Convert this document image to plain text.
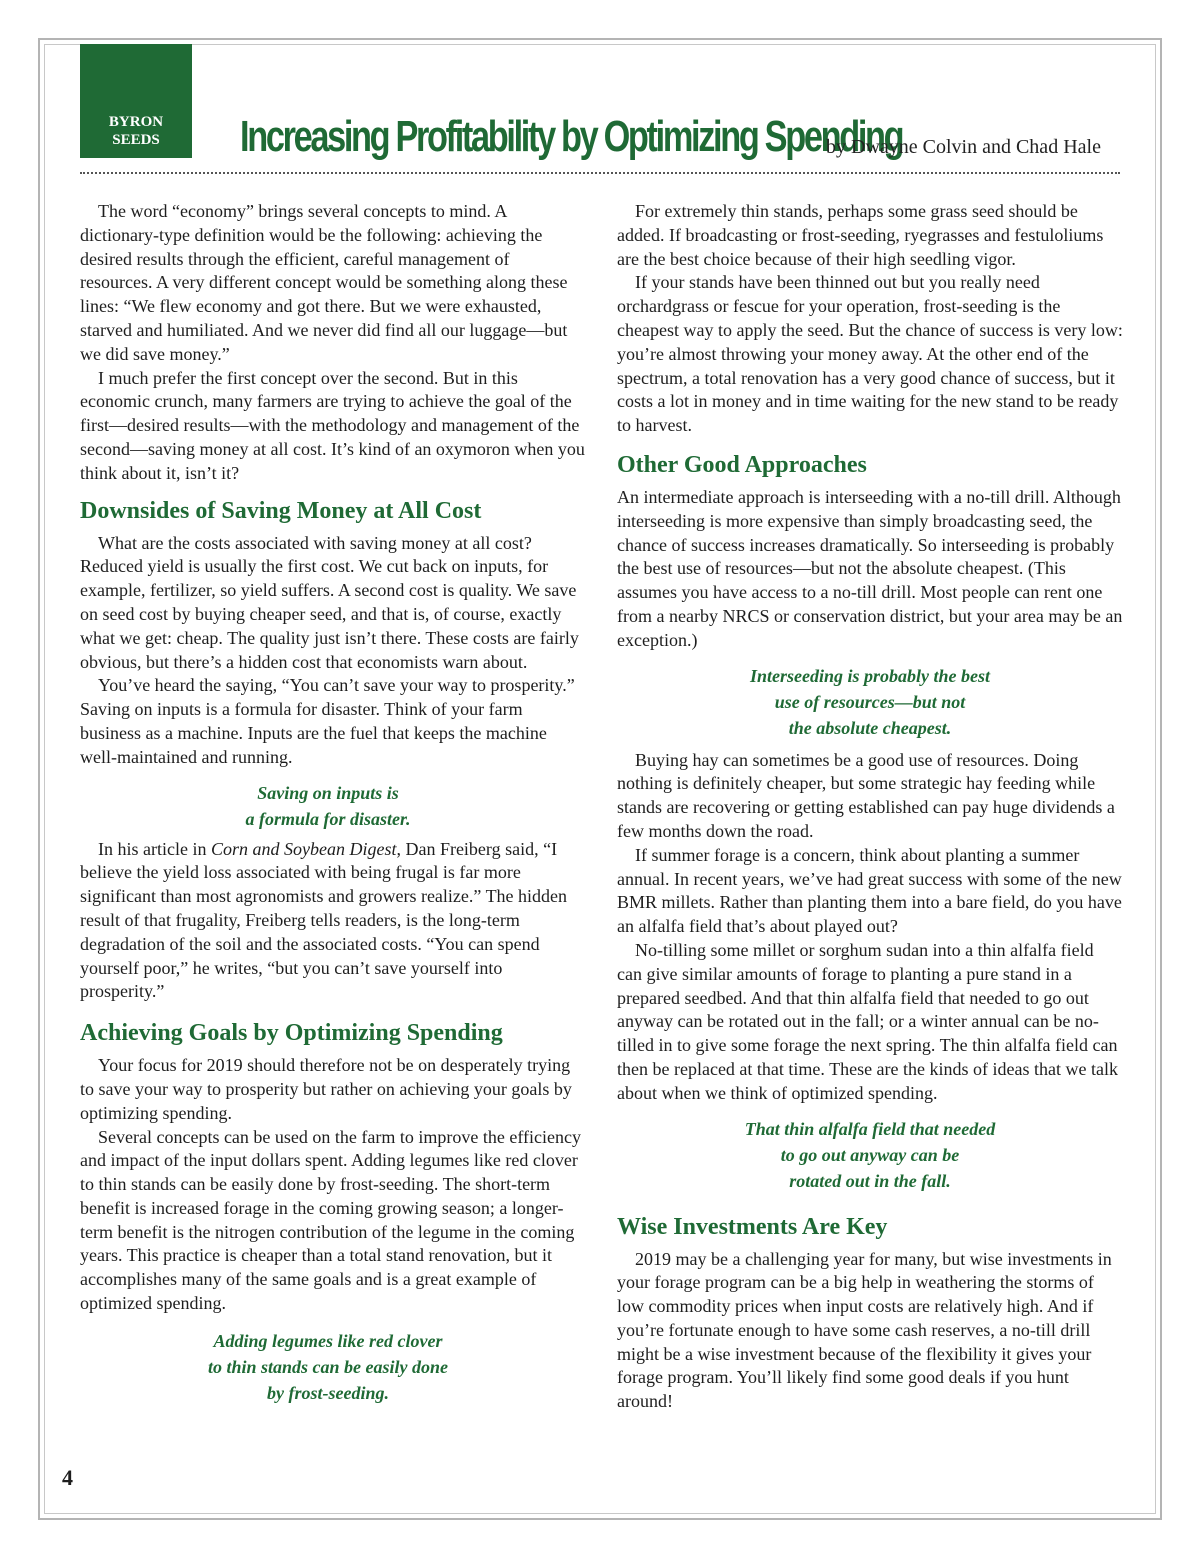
BYRON
SEEDS	Increasing Profitability by Optimizing Spending
by Dwayne Colvin and Chad Hale

The word “economy” brings several concepts to mind. A dictionary-type definition would be the following: achieving the desired results through the efficient, careful management of resources. A very different concept would be something along these lines: “We flew economy and got there. But we were exhausted, starved and humiliated. And we never did find all our luggage—but we did save money.”

I much prefer the first concept over the second. But in this economic crunch, many farmers are trying to achieve the goal of the first—desired results—with the methodology and management of the second—saving money at all cost. It’s kind of an oxymoron when you think about it, isn’t it?

Downsides of Saving Money at All Cost

What are the costs associated with saving money at all cost? Reduced yield is usually the first cost. We cut back on inputs, for example, fertilizer, so yield suffers. A second cost is quality. We save on seed cost by buying cheaper seed, and that is, of course, exactly what we get: cheap. The quality just isn’t there. These costs are fairly obvious, but there’s a hidden cost that economists warn about.

You’ve heard the saying, “You can’t save your way to prosperity.” Saving on inputs is a formula for disaster. Think of your farm business as a machine. Inputs are the fuel that keeps the machine well-maintained and running.

Saving on inputs is
a formula for disaster.

In his article in Corn and Soybean Digest, Dan Freiberg said, “I believe the yield loss associated with being frugal is far more significant than most agronomists and growers realize.” The hidden result of that frugality, Freiberg tells readers, is the long-term degradation of the soil and the associated costs. “You can spend yourself poor,” he writes, “but you can’t save yourself into prosperity.”

Achieving Goals by Optimizing Spending

Your focus for 2019 should therefore not be on desperately trying to save your way to prosperity but rather on achieving your goals by optimizing spending.

Several concepts can be used on the farm to improve the efficiency and impact of the input dollars spent. Adding legumes like red clover to thin stands can be easily done by frost-seeding. The short-term benefit is increased forage in the coming growing season; a longer-term benefit is the nitrogen contribution of the legume in the coming years. This practice is cheaper than a total stand renovation, but it accomplishes many of the same goals and is a great example of optimized spending.

Adding legumes like red clover
to thin stands can be easily done
by frost-seeding.

For extremely thin stands, perhaps some grass seed should be added. If broadcasting or frost-seeding, ryegrasses and festuloliums are the best choice because of their high seedling vigor.

If your stands have been thinned out but you really need orchardgrass or fescue for your operation, frost-seeding is the cheapest way to apply the seed. But the chance of success is very low: you’re almost throwing your money away. At the other end of the spectrum, a total renovation has a very good chance of success, but it costs a lot in money and in time waiting for the new stand to be ready to harvest.

Other Good Approaches

An intermediate approach is interseeding with a no-till drill. Although interseeding is more expensive than simply broadcasting seed, the chance of success increases dramatically. So interseeding is probably the best use of resources—but not the absolute cheapest. (This assumes you have access to a no-till drill. Most people can rent one from a nearby NRCS or conservation district, but your area may be an exception.)

Interseeding is probably the best
use of resources—but not
the absolute cheapest.

Buying hay can sometimes be a good use of resources. Doing nothing is definitely cheaper, but some strategic hay feeding while stands are recovering or getting established can pay huge dividends a few months down the road.

If summer forage is a concern, think about planting a summer annual. In recent years, we’ve had great success with some of the new BMR millets. Rather than planting them into a bare field, do you have an alfalfa field that’s about played out?

No-tilling some millet or sorghum sudan into a thin alfalfa field can give similar amounts of forage to planting a pure stand in a prepared seedbed. And that thin alfalfa field that needed to go out anyway can be rotated out in the fall; or a winter annual can be no-tilled in to give some forage the next spring. The thin alfalfa field can then be replaced at that time. These are the kinds of ideas that we talk about when we think of optimized spending.

That thin alfalfa field that needed
to go out anyway can be
rotated out in the fall.
Wise Investments Are Key

2019 may be a challenging year for many, but wise investments in your forage program can be a big help in weathering the storms of low commodity prices when input costs are relatively high. And if you’re fortunate enough to have some cash reserves, a no-till drill might be a wise investment because of the flexibility it gives your forage program. You’ll likely find some good deals if you hunt around!

4
